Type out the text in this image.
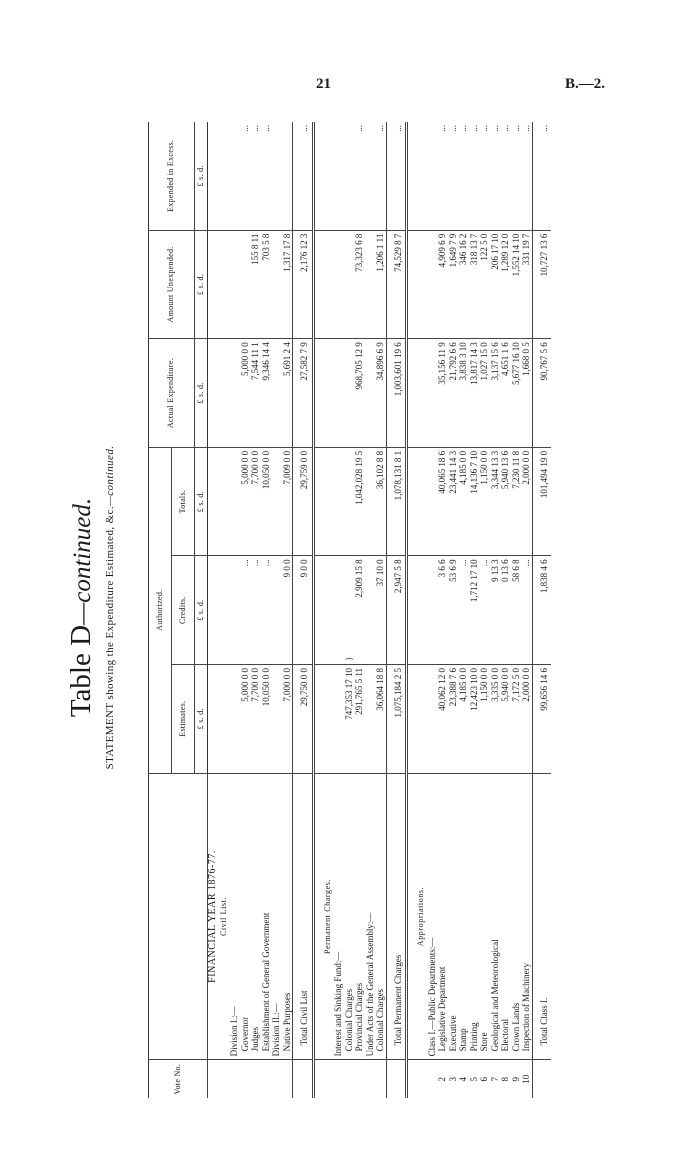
21	B.—2.
Table D—continued. STATEMENT showing the Expenditure Estimated, &c.—continued.
Vote No.		Authorized.			Actual Expenditure.	Amount Unexpended.	Expended in Excess.
		Estimates.	Credits.	Totals.			
		£ s. d.	£ s. d.	£ s. d.	£ s. d.	£ s. d.	£ s. d.
	FINANCIAL YEAR 1876-77.						
	Civil List.						
	Division I.:—						
	Governor	5,000 0 0	...	5,000 0 0	5,000 0 0		...
	Judges	7,700 0 0	...	7,700 0 0	7,544 11 1	155 8 11	...
	Establishment of General Government	10,050 0 0	...	10,050 0 0	9,346 14 4	703 5 8	...
	Division II.:—						
	Native Purposes	7,000 0 0	9 0 0	7,009 0 0	5,691 2 4	1,317 17 8	
	Total Civil List	29,750 0 0	9 0 0	29,759 0 0	27,582 7 9	2,176 12 3	...
	Permanent Charges.						
	Interest and Sinking Fund:—						
	Colonial Charges	747,353 17 10	}				
	Provincial Charges	291,765 5 11	2,909 15 8	1,042,028 19 5	968,705 12 9	73,323 6 8	...
	Under Acts of the General Assembly:—						
	Colonial Charges	36,064 18 8	37 10 0	36,102 8 8	34,896 6 9	1,206 1 11	...
	Total Permanent Charges	1,075,184 2 5	2,947 5 8	1,078,131 8 1	1,003,601 19 6	74,529 8 7	...
	Appropriations.						
	Class I.—Public Departments:—						
2	Legislative Department	40,062 12 0	3 6 6	40,065 18 6	35,156 11 9	4,909 6 9	...
3	Executive	23,388 7 6	53 6 9	23,441 14 3	21,792 6 6	1,649 7 9	...
4	Stamp	4,185 0 0	...	4,185 0 0	3,838 3 10	346 16 2	...
5	Printing	12,423 10 0	1,712 17 10	14,136 7 10	13,817 14 3	318 13 7	...
6	Store	1,150 0 0	...	1,150 0 0	1,027 15 0	122 5 0	...
7	Geological and Meteorological	3,335 0 0	9 13 3	3,344 13 3	3,137 15 6	206 17 10	...
8	Electoral	5,940 0 0	0 13 6	5,940 13 6	4,651 1 6	1,289 12 0	...
9	Crown Lands	7,172 5 0	58 6 8	7,230 11 8	5,677 16 10	1,552 14 10	...
10	Inspection of Machinery	2,000 0 0	...	2,000 0 0	1,668 0 5	331 19 7	...
	Total Class I.	99,656 14 6	1,838 4 6	101,494 19 0	90,767 5 6	10,727 13 6	...
